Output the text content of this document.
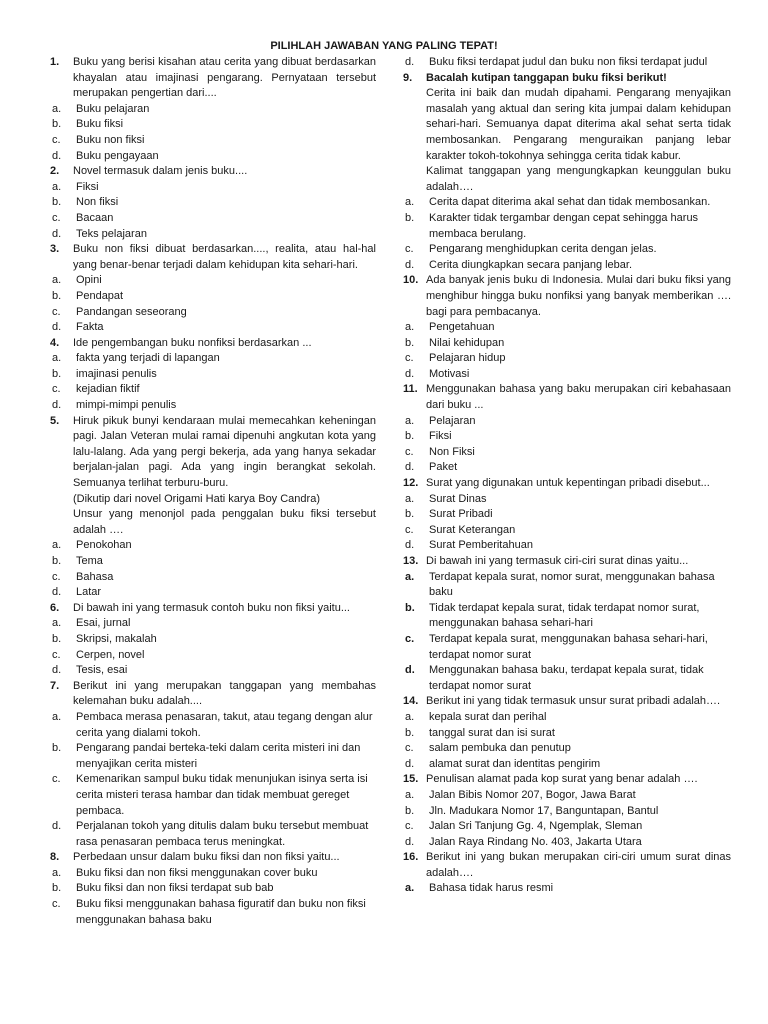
PILIHLAH JAWABAN YANG PALING TEPAT!
1. Buku yang berisi kisahan atau cerita yang dibuat berdasarkan khayalan atau imajinasi pengarang. Pernyataan tersebut merupakan pengertian dari....
a. Buku pelajaran
b. Buku fiksi
c. Buku non fiksi
d. Buku pengayaan
2. Novel termasuk dalam jenis buku....
a. Fiksi
b. Non fiksi
c. Bacaan
d. Teks pelajaran
3. Buku non fiksi dibuat berdasarkan...., realita, atau hal-hal yang benar-benar terjadi dalam kehidupan kita sehari-hari.
a. Opini
b. Pendapat
c. Pandangan seseorang
d. Fakta
4. Ide pengembangan buku nonfiksi berdasarkan ...
a. fakta yang terjadi di lapangan
b. imajinasi penulis
c. kejadian fiktif
d. mimpi-mimpi penulis
5. Hiruk pikuk bunyi kendaraan mulai memecahkan keheningan pagi. Jalan Veteran mulai ramai dipenuhi angkutan kota yang lalu-lalang. Ada yang pergi bekerja, ada yang hanya sekadar berjalan-jalan pagi. Ada yang ingin berangkat sekolah. Semuanya terlihat terburu-buru.
(Dikutip dari novel Origami Hati karya Boy Candra)
Unsur yang menonjol pada penggalan buku fiksi tersebut adalah ….
a. Penokohan
b. Tema
c. Bahasa
d. Latar
6. Di bawah ini yang termasuk contoh buku non fiksi yaitu...
a. Esai, jurnal
b. Skripsi, makalah
c. Cerpen, novel
d. Tesis, esai
7. Berikut ini yang merupakan tanggapan yang membahas kelemahan buku adalah....
a. Pembaca merasa penasaran, takut, atau tegang dengan alur cerita yang dialami tokoh.
b. Pengarang pandai berteka-teki dalam cerita misteri ini dan menyajikan cerita misteri
c. Kemenarikan sampul buku tidak menunjukan isinya serta isi cerita misteri terasa hambar dan tidak membuat gereget pembaca.
d. Perjalanan tokoh yang ditulis dalam buku tersebut membuat rasa penasaran pembaca terus meningkat.
8. Perbedaan unsur dalam buku fiksi dan non fiksi yaitu...
a. Buku fiksi dan non fiksi menggunakan cover buku
b. Buku fiksi dan non fiksi terdapat sub bab
c. Buku fiksi menggunakan bahasa figuratif dan buku non fiksi menggunakan bahasa baku
d. Buku fiksi terdapat judul dan buku non fiksi terdapat judul
9. Bacalah kutipan tanggapan buku fiksi berikut!
Cerita ini baik dan mudah dipahami. Pengarang menyajikan masalah yang aktual dan sering kita jumpai dalam kehidupan sehari-hari. Semuanya dapat diterima akal sehat serta tidak membosankan. Pengarang menguraikan panjang lebar karakter tokoh-tokohnya sehingga cerita tidak kabur.
Kalimat tanggapan yang mengungkapkan keunggulan buku adalah….
a. Cerita dapat diterima akal sehat dan tidak membosankan.
b. Karakter tidak tergambar dengan cepat sehingga harus membaca berulang.
c. Pengarang menghidupkan cerita dengan jelas.
d. Cerita diungkapkan secara panjang lebar.
10. Ada banyak jenis buku di Indonesia. Mulai dari buku fiksi yang menghibur hingga buku nonfiksi yang banyak memberikan …. bagi para pembacanya.
a. Pengetahuan
b. Nilai kehidupan
c. Pelajaran hidup
d. Motivasi
11. Menggunakan bahasa yang baku merupakan ciri kebahasaan dari buku ...
a. Pelajaran
b. Fiksi
c. Non Fiksi
d. Paket
12. Surat yang digunakan untuk kepentingan pribadi disebut...
a. Surat Dinas
b. Surat Pribadi
c. Surat Keterangan
d. Surat Pemberitahuan
13. Di bawah ini yang termasuk ciri-ciri surat dinas yaitu...
a. Terdapat kepala surat, nomor surat, menggunakan bahasa baku
b. Tidak terdapat kepala surat, tidak terdapat nomor surat, menggunakan bahasa sehari-hari
c. Terdapat kepala surat, menggunakan bahasa sehari-hari, terdapat nomor surat
d. Menggunakan bahasa baku, terdapat kepala surat, tidak terdapat nomor surat
14. Berikut ini yang tidak termasuk unsur surat pribadi adalah….
a. kepala surat dan perihal
b. tanggal surat dan isi surat
c. salam pembuka dan penutup
d. alamat surat dan identitas pengirim
15. Penulisan alamat pada kop surat yang benar adalah ….
a. Jalan Bibis Nomor 207, Bogor, Jawa Barat
b. Jln. Madukara Nomor 17, Banguntapan, Bantul
c. Jalan Sri Tanjung Gg. 4, Ngemplak, Sleman
d. Jalan Raya Rindang No. 403, Jakarta Utara
16. Berikut ini yang bukan merupakan ciri-ciri umum surat dinas adalah….
a. Bahasa tidak harus resmi
